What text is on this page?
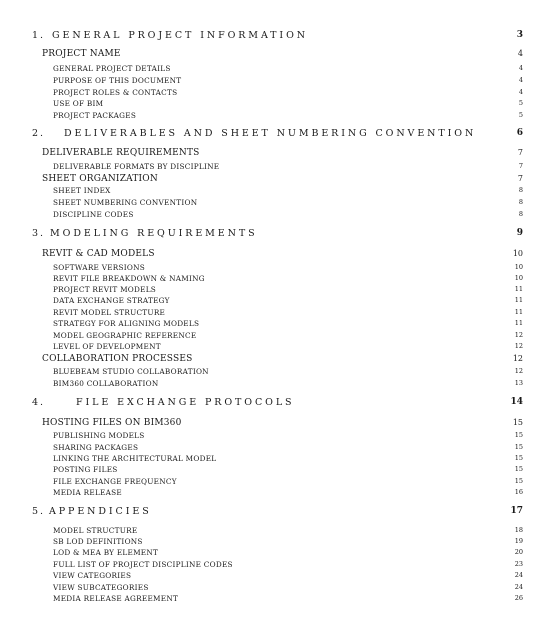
1. GENERAL PROJECT INFORMATION	3
PROJECT NAME	4
GENERAL PROJECT DETAILS	4
PURPOSE OF THIS DOCUMENT	4
PROJECT ROLES & CONTACTS	4
USE OF BIM	5
PROJECT PACKAGES	5
2. DELIVERABLES AND SHEET NUMBERING CONVENTION	6
DELIVERABLE REQUIREMENTS	7
DELIVERABLE FORMATS BY DISCIPLINE	7
SHEET ORGANIZATION	7
SHEET INDEX	8
SHEET NUMBERING CONVENTION	8
DISCIPLINE CODES	8
3. MODELING REQUIREMENTS	9
REVIT & CAD MODELS	10
SOFTWARE VERSIONS	10
REVIT FILE BREAKDOWN & NAMING	10
PROJECT REVIT MODELS	11
DATA EXCHANGE STRATEGY	11
REVIT MODEL STRUCTURE	11
STRATEGY FOR ALIGNING MODELS	11
MODEL GEOGRAPHIC REFERENCE	12
LEVEL OF DEVELOPMENT	12
COLLABORATION PROCESSES	12
BLUEBEAM STUDIO COLLABORATION	12
BIM360 COLLABORATION	13
4.	FILE EXCHANGE PROTOCOLS	14
HOSTING FILES ON BIM360	15
PUBLISHING MODELS	15
SHARING PACKAGES	15
LINKING THE ARCHITECTURAL MODEL	15
POSTING FILES	15
FILE EXCHANGE FREQUENCY	15
MEDIA RELEASE	16
5. APPENDICIES	17
MODEL STRUCTURE	18
SB LOD DEFINITIONS	19
LOD & MEA BY ELEMENT	20
FULL LIST OF PROJECT DISCIPLINE CODES	23
VIEW CATEGORIES	24
VIEW SUBCATEGORIES	24
MEDIA RELEASE AGREEMENT	26
